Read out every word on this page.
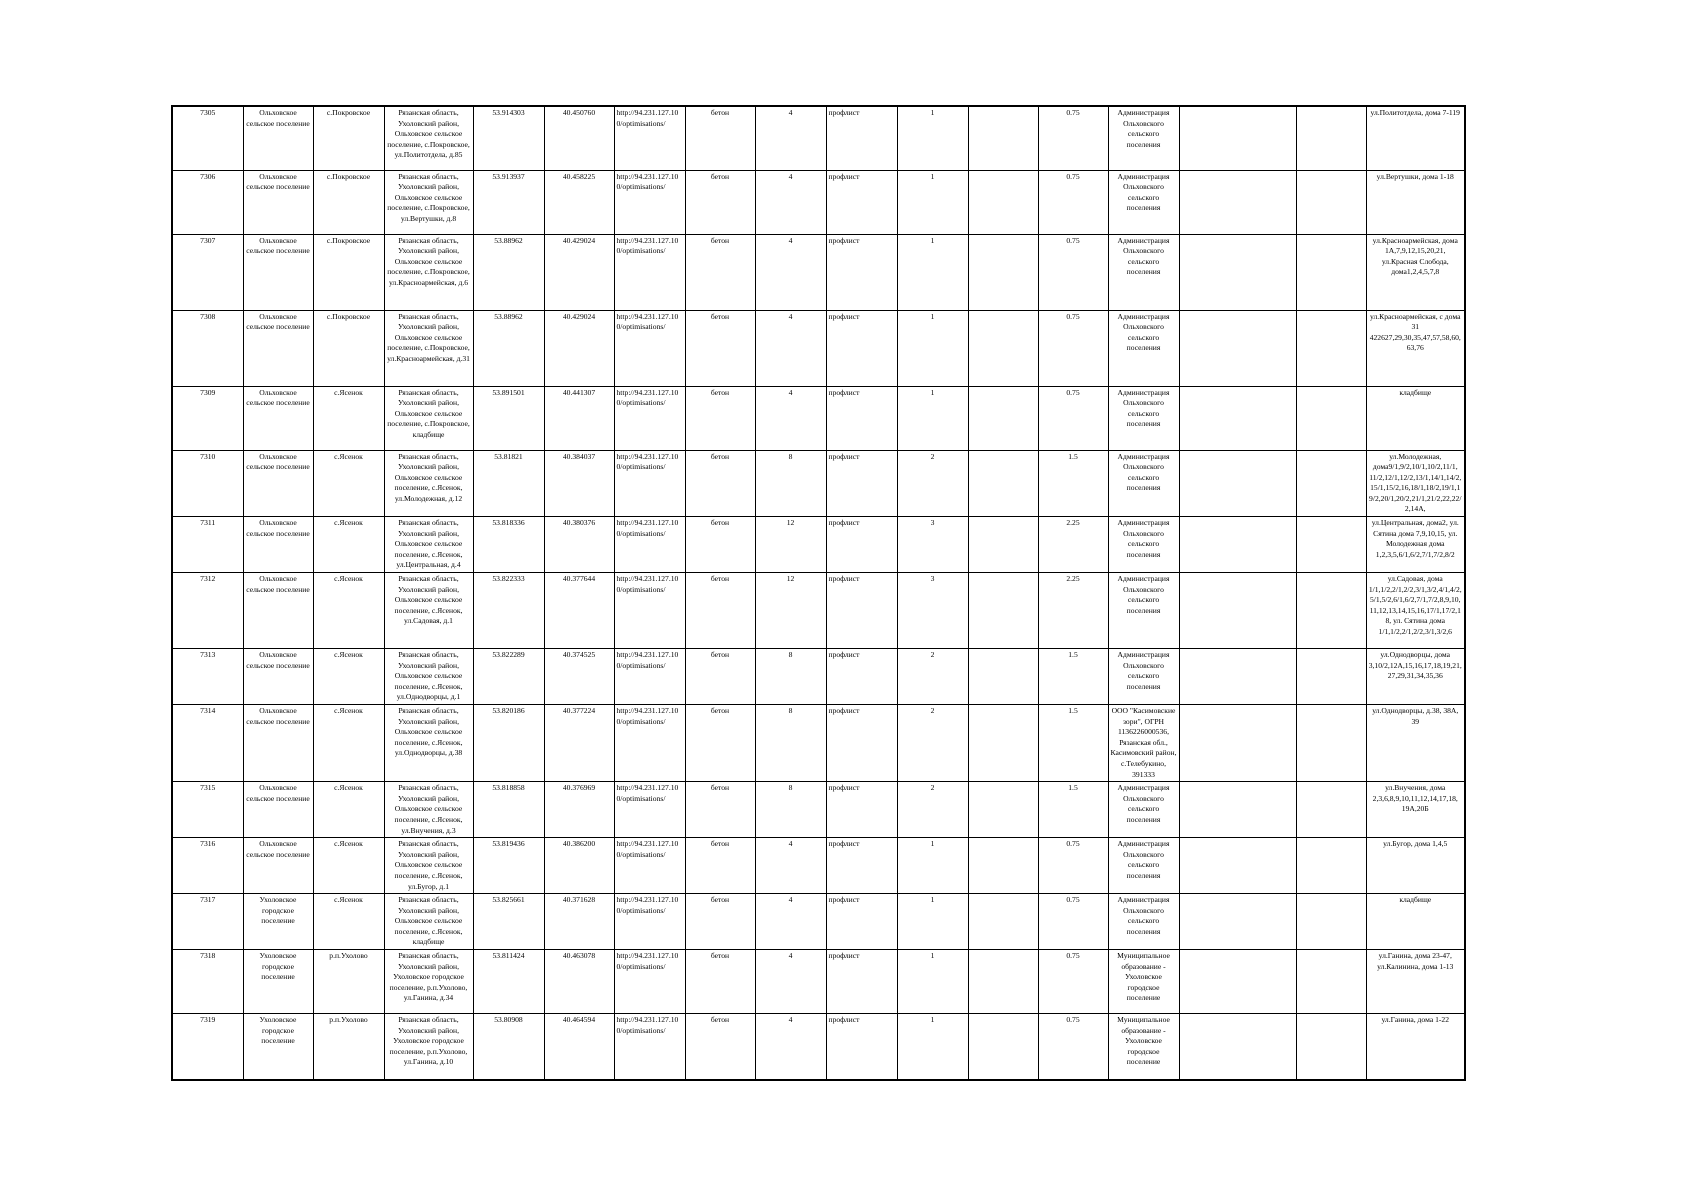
7305	Ольховское сельское поселение	с.Покровское	Рязанская область, Ухоловский район, Ольховское сельское поселение, с.Покровское, ул.Политотдела, д.85	53.914303	40.450760	http://94.231.127.10 0/optimisations/	бетон	4	профлист	1		0.75	Администрация Ольховского сельского поселения			ул.Политотдела, дома 7-119
7306	Ольховское сельское поселение	с.Покровское	Рязанская область, Ухоловский район, Ольховское сельское поселение, с.Покровское, ул.Вертушки, д.8	53.913937	40.458225	http://94.231.127.10 0/optimisations/	бетон	4	профлист	1		0.75	Администрация Ольховского сельского поселения			ул.Вертушки, дома 1-18
7307	Ольховское сельское поселение	с.Покровское	Рязанская область, Ухоловский район, Ольховское сельское поселение, с.Покровское, ул.Красноармейская, д.6	53.88962	40.429024	http://94.231.127.10 0/optimisations/	бетон	4	профлист	1		0.75	Администрация Ольховского сельского поселения			ул.Красноармейская, дома 1А,7,9,12,15,20,21, ул.Красная Слобода, дома1,2,4,5,7,8
7308	Ольховское сельское поселение	с.Покровское	Рязанская область, Ухоловский район, Ольховское сельское поселение, с.Покровское, ул.Красноармейская, д.31	53.88962	40.429024	http://94.231.127.10 0/optimisations/	бетон	4	профлист	1		0.75	Администрация Ольховского сельского поселения			ул.Красноармейская, с дома 31 422627,29,30,35,47,57,58,60,63,76
7309	Ольховское сельское поселение	с.Ясенок	Рязанская область, Ухоловский район, Ольховское сельское поселение, с.Покровское, кладбище	53.891501	40.441307	http://94.231.127.10 0/optimisations/	бетон	4	профлист	1		0.75	Администрация Ольховского сельского поселения			кладбище
7310	Ольховское сельское поселение	с.Ясенок	Рязанская область, Ухоловский район, Ольховское сельское поселение, с.Ясенок, ул.Молодежная, д.12	53.81821	40.384037	http://94.231.127.10 0/optimisations/	бетон	8	профлист	2		1.5	Администрация Ольховского сельского поселения			ул.Молодежная, дома9/1,9/2,10/1,10/2,11/1, 11/2,12/1,12/2,13/1,14/1,14/2,15/1,15/2,16,18/1,18/2,19/1,19/2,20/1,20/2,21/1,21/2,22,22/2,14А,
7311	Ольховское сельское поселение	с.Ясенок	Рязанская область, Ухоловский район, Ольховское сельское поселение, с.Ясенок, ул.Центральная, д.4	53.818336	40.380376	http://94.231.127.10 0/optimisations/	бетон	12	профлист	3		2.25	Администрация Ольховского сельского поселения			ул.Центральная, дома2, ул. Сятина дома 7,9,10,15, ул. Молодежная дома 1,2,3,5,6/1,6/2,7/1,7/2,8/2
7312	Ольховское сельское поселение	с.Ясенок	Рязанская область, Ухоловский район, Ольховское сельское поселение, с.Ясенок, ул.Садовая, д.1	53.822333	40.377644	http://94.231.127.10 0/optimisations/	бетон	12	профлист	3		2.25	Администрация Ольховского сельского поселения			ул.Садовая, дома 1/1,1/2,2/1,2/2,3/1,3/2,4/1,4/2,5/1,5/2,6/1,6/2,7/1,7/2,8,9,10,11,12,13,14,15,16,17/1,17/2,18, ул. Сятина дома 1/1,1/2,2/1,2/2,3/1,3/2,6
7313	Ольховское сельское поселение	с.Ясенок	Рязанская область, Ухоловский район, Ольховское сельское поселение, с.Ясенок, ул.Однодворцы, д.1	53.822289	40.374525	http://94.231.127.10 0/optimisations/	бетон	8	профлист	2		1.5	Администрация Ольховского сельского поселения			ул.Однодворцы, дома 3,10/2,12А,15,16,17,18,19,21,27,29,31,34,35,36
7314	Ольховское сельское поселение	с.Ясенок	Рязанская область, Ухоловский район, Ольховское сельское поселение, с.Ясенок, ул.Однодворцы, д.38	53.820186	40.377224	http://94.231.127.10 0/optimisations/	бетон	8	профлист	2		1.5	ООО "Касимовские зори", ОГРН 1136226000536, Рязанская обл., Касимовский район, с.Телебукино, 391333			ул.Однодворцы, д.38, 38А, 39
7315	Ольховское сельское поселение	с.Ясенок	Рязанская область, Ухоловский район, Ольховское сельское поселение, с.Ясенок, ул.Внучения, д.3	53.818858	40.376969	http://94.231.127.10 0/optimisations/	бетон	8	профлист	2		1.5	Администрация Ольховского сельского поселения			ул.Внучения, дома 2,3,6,8,9,10,11,12,14,17,18, 19А,20Б
7316	Ольховское сельское поселение	с.Ясенок	Рязанская область, Ухоловский район, Ольховское сельское поселение, с.Ясенок, ул.Бугор, д.1	53.819436	40.386200	http://94.231.127.10 0/optimisations/	бетон	4	профлист	1		0.75	Администрация Ольховского сельского поселения			ул.Бугор, дома 1,4,5
7317	Ухоловское городское поселение	с.Ясенок	Рязанская область, Ухоловский район, Ольховское сельское поселение, с.Ясенок, кладбище	53.825661	40.371628	http://94.231.127.10 0/optimisations/	бетон	4	профлист	1		0.75	Администрация Ольховского сельского поселения			кладбище
7318	Ухоловское городское поселение	р.п.Ухолово	Рязанская область, Ухоловский район, Ухоловское городское поселение, р.п.Ухолово, ул.Ганина, д.34	53.811424	40.463078	http://94.231.127.10 0/optimisations/	бетон	4	профлист	1		0.75	Муниципальное образование - Ухоловское городское поселение			ул.Ганина, дома 23-47, ул.Калинина, дома 1-13
7319	Ухоловское городское поселение	р.п.Ухолово	Рязанская область, Ухоловский район, Ухоловское городское поселение, р.п.Ухолово, ул.Ганина, д.10	53.80908	40.464594	http://94.231.127.10 0/optimisations/	бетон	4	профлист	1		0.75	Муниципальное образование - Ухоловское городское поселение			ул.Ганина, дома 1-22
